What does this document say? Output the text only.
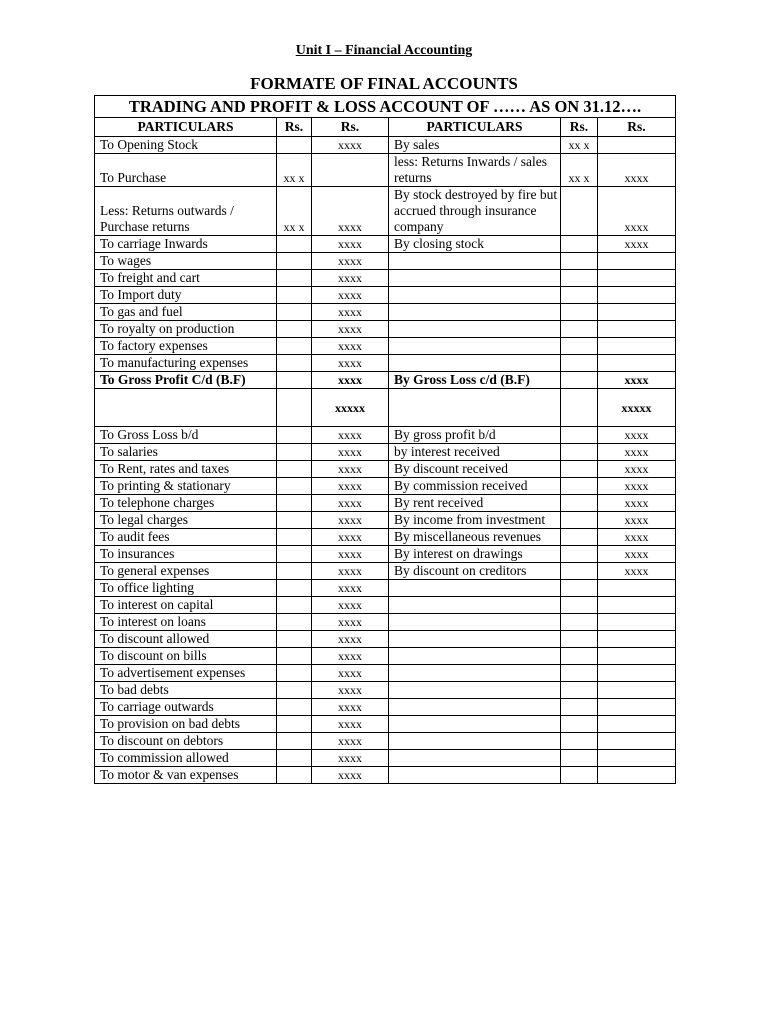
Unit I – Financial Accounting
FORMATE OF FINAL ACCOUNTS
TRADING AND PROFIT & LOSS ACCOUNT OF …… AS ON 31.12….					
PARTICULARS	Rs.	Rs.	PARTICULARS	Rs.	Rs.
To Opening Stock		xxxx	By sales	xx x	
To Purchase	xx x		less: Returns Inwards / sales returns	xx x	xxxx
Less: Returns outwards / Purchase returns	xx x	xxxx	By stock destroyed by fire but accrued through insurance company		xxxx
To carriage Inwards		xxxx	By closing stock		xxxx
To wages		xxxx			
To freight and cart		xxxx			
To Import duty		xxxx			
To gas and fuel		xxxx			
To royalty on production		xxxx			
To factory expenses		xxxx			
To manufacturing expenses		xxxx			
To Gross Profit C/d (B.F)		xxxx	By Gross Loss c/d (B.F)		xxxx
		xxxxx			xxxxx
To Gross Loss b/d		xxxx	By gross profit b/d		xxxx
To salaries		xxxx	by interest received		xxxx
To Rent, rates and taxes		xxxx	By discount received		xxxx
To printing & stationary		xxxx	By commission received		xxxx
To telephone charges		xxxx	By rent received		xxxx
To legal charges		xxxx	By income from investment		xxxx
To audit fees		xxxx	By miscellaneous revenues		xxxx
To insurances		xxxx	By interest on drawings		xxxx
To general expenses		xxxx	By discount on creditors		xxxx
To office lighting		xxxx			
To interest on capital		xxxx			
To interest on loans		xxxx			
To discount allowed		xxxx			
To discount on bills		xxxx			
To advertisement expenses		xxxx			
To bad debts		xxxx			
To carriage outwards		xxxx			
To provision on bad debts		xxxx			
To discount on debtors		xxxx			
To commission allowed		xxxx			
To motor & van expenses		xxxx			
